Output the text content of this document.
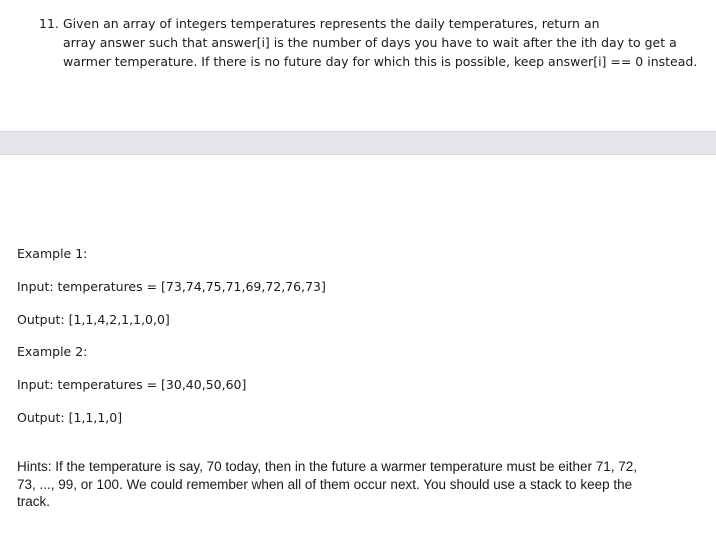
11. Given an array of integers temperatures represents the daily temperatures, return an
array answer such that answer[i] is the number of days you have to wait after the ith day to get a
warmer temperature. If there is no future day for which this is possible, keep answer[i] == 0 instead.
Example 1:
Input: temperatures = [73,74,75,71,69,72,76,73]
Output: [1,1,4,2,1,1,0,0]
Example 2:
Input: temperatures = [30,40,50,60]
Output: [1,1,1,0]
Hints: If the temperature is say, 70 today, then in the future a warmer temperature must be either 71, 72,
73, ..., 99, or 100. We could remember when all of them occur next. You should use a stack to keep the
track.
